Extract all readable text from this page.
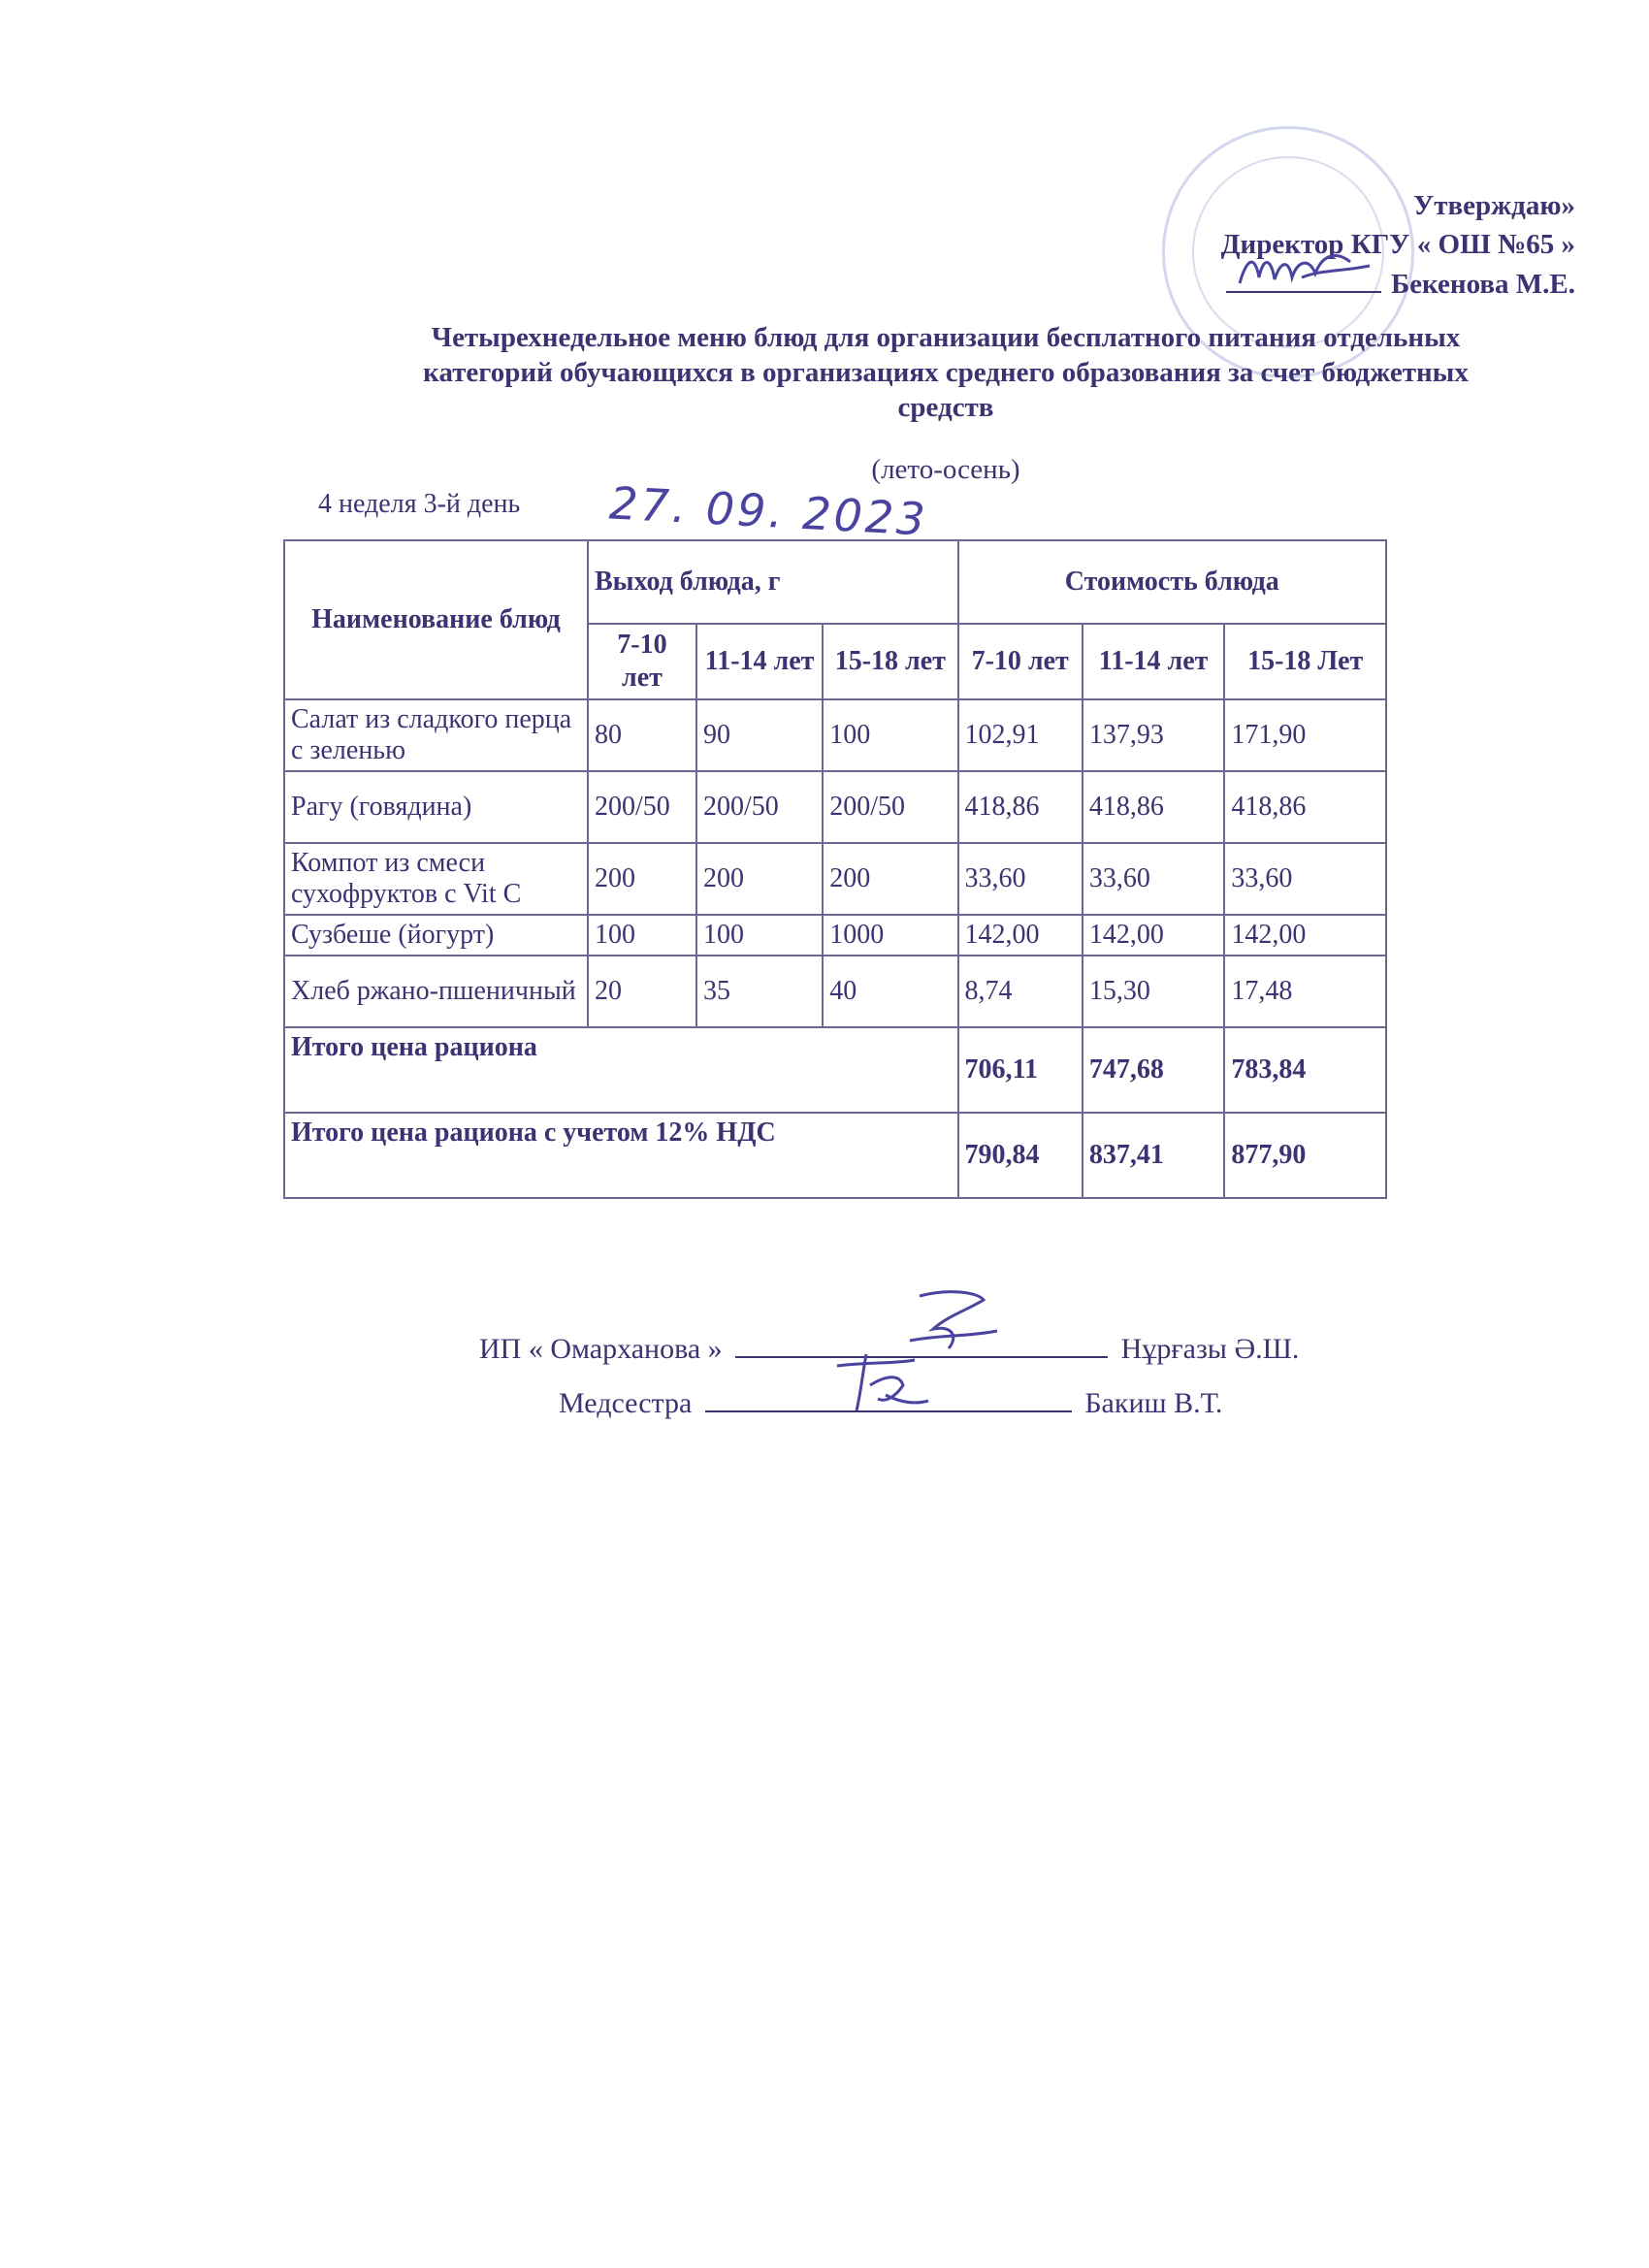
Утверждаю»
Директор КГУ « ОШ №65 »
Бекенова М.Е.
Четырехнедельное меню блюд для организации бесплатного питания отдельных
категорий обучающихся в организациях среднего образования за счет бюджетных
средств
(лето-осень)
4 неделя 3-й день 27. 09. 2023
Наименование блюд	Выход блюда, г			Стоимость блюда		
	7-10 лет	11-14 лет	15-18 лет	7-10 лет	11-14 лет	15-18 Лет
Салат из сладкого перца с зеленью	80	90	100	102,91	137,93	171,90
Рагу (говядина)	200/50	200/50	200/50	418,86	418,86	418,86
Компот из смеси сухофруктов с Vit C	200	200	200	33,60	33,60	33,60
Сузбеше (йогурт)	100	100	1000	142,00	142,00	142,00
Хлеб ржано-пшеничный	20	35	40	8,74	15,30	17,48
Итого цена рациона				706,11	747,68	783,84
Итого цена рациона с учетом 12% НДС				790,84	837,41	877,90
ИП « Омарханова »	Нұрғазы Ә.Ш.
Медсестра	Бакиш В.Т.
